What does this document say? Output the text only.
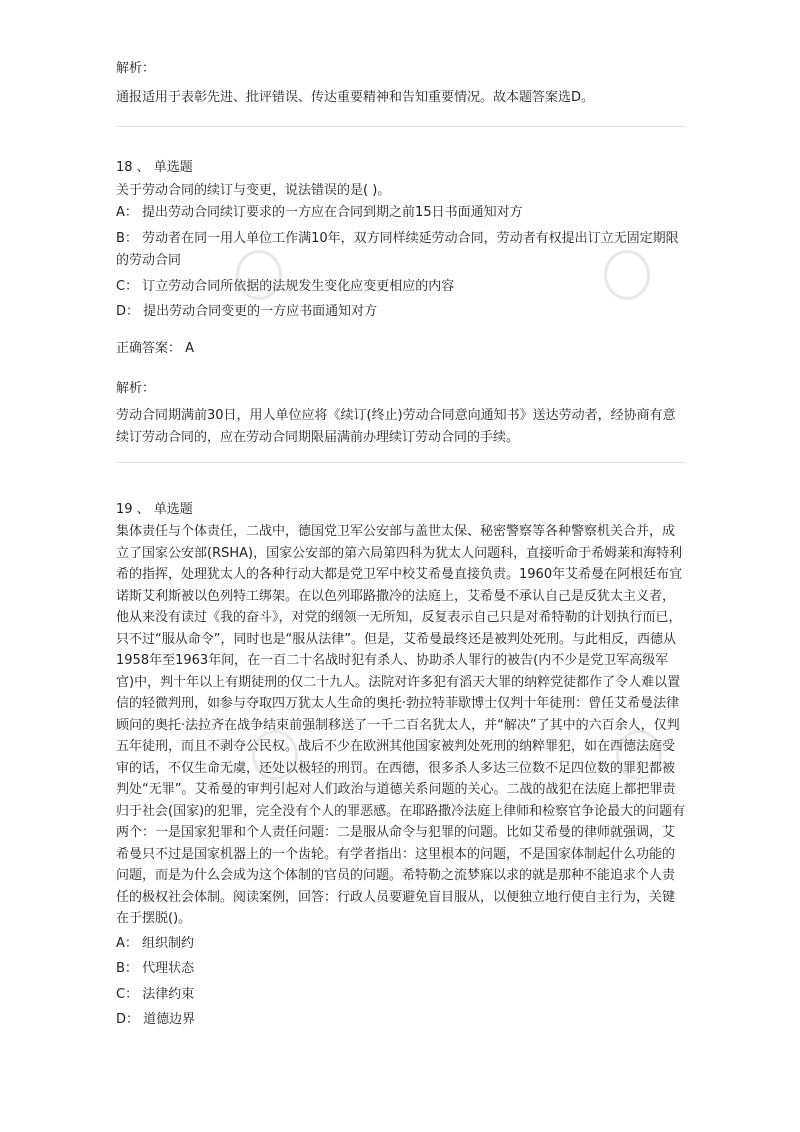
解析：

通报适用于表彰先进、批评错误、传达重要精神和告知重要情况。故本题答案选D。

18 、 单选题

关于劳动合同的续订与变更，说法错误的是( )。

A： 提出劳动合同续订要求的一方应在合同到期之前15日书面通知对方

B： 劳动者在同一用人单位工作满10年，双方同样续延劳动合同，劳动者有权提出订立无固定期限的劳动合同

C： 订立劳动合同所依据的法规发生变化应变更相应的内容

D： 提出劳动合同变更的一方应书面通知对方

正确答案： A

解析：

劳动合同期满前30日，用人单位应将《续订(终止)劳动合同意向通知书》送达劳动者，经协商有意续订劳动合同的，应在劳动合同期限届满前办理续订劳动合同的手续。

19 、 单选题

集体责任与个体责任，二战中，德国党卫军公安部与盖世太保、秘密警察等各种警察机关合并，成立了国家公安部(RSHA)，国家公安部的第六局第四科为犹太人问题科，直接听命于希姆莱和海特利希的指挥，处理犹太人的各种行动大都是党卫军中校艾希曼直接负责。1960年艾希曼在阿根廷布宜诺斯艾利斯被以色列特工绑架。在以色列耶路撒冷的法庭上，艾希曼不承认自己是反犹太主义者，他从来没有读过《我的奋斗》，对党的纲领一无所知，反复表示自己只是对希特勒的计划执行而已，只不过“服从命令”，同时也是“服从法律”。但是，艾希曼最终还是被判处死刑。与此相反，西德从1958年至1963年间，在一百二十名战时犯有杀人、协助杀人罪行的被告(内不少是党卫军高级军官)中，判十年以上有期徒刑的仅二十九人。法院对许多犯有滔天大罪的纳粹党徒都作了令人难以置信的轻微判刑，如参与夺取四万犹太人生命的奥托·勃拉特菲歇博士仅判十年徒刑：曾任艾希曼法律顾问的奥托·法拉齐在战争结束前强制移送了一千二百名犹太人，并“解决”了其中的六百余人，仅判五年徒刑，而且不剥夺公民权。战后不少在欧洲其他国家被判处死刑的纳粹罪犯，如在西德法庭受审的话，不仅生命无虞，还处以极轻的刑罚。在西德，很多杀人多达三位数不足四位数的罪犯都被判处“无罪”。艾希曼的审判引起对人们政治与道德关系问题的关心。二战的战犯在法庭上都把罪责归于社会(国家)的犯罪，完全没有个人的罪恶感。在耶路撒冷法庭上律师和检察官争论最大的问题有两个：一是国家犯罪和个人责任问题：二是服从命令与犯罪的问题。比如艾希曼的律师就强调，艾希曼只不过是国家机器上的一个齿轮。有学者指出：这里根本的问题，不是国家体制起什么功能的问题，而是为什么会成为这个体制的官员的问题。希特勒之流梦寐以求的就是那种不能追求个人责任的极权社会体制。阅读案例，回答：行政人员要避免盲目服从，以便独立地行使自主行为，关键在于摆脱()。

A： 组织制约

B： 代理状态

C： 法律约束

D： 道德边界
